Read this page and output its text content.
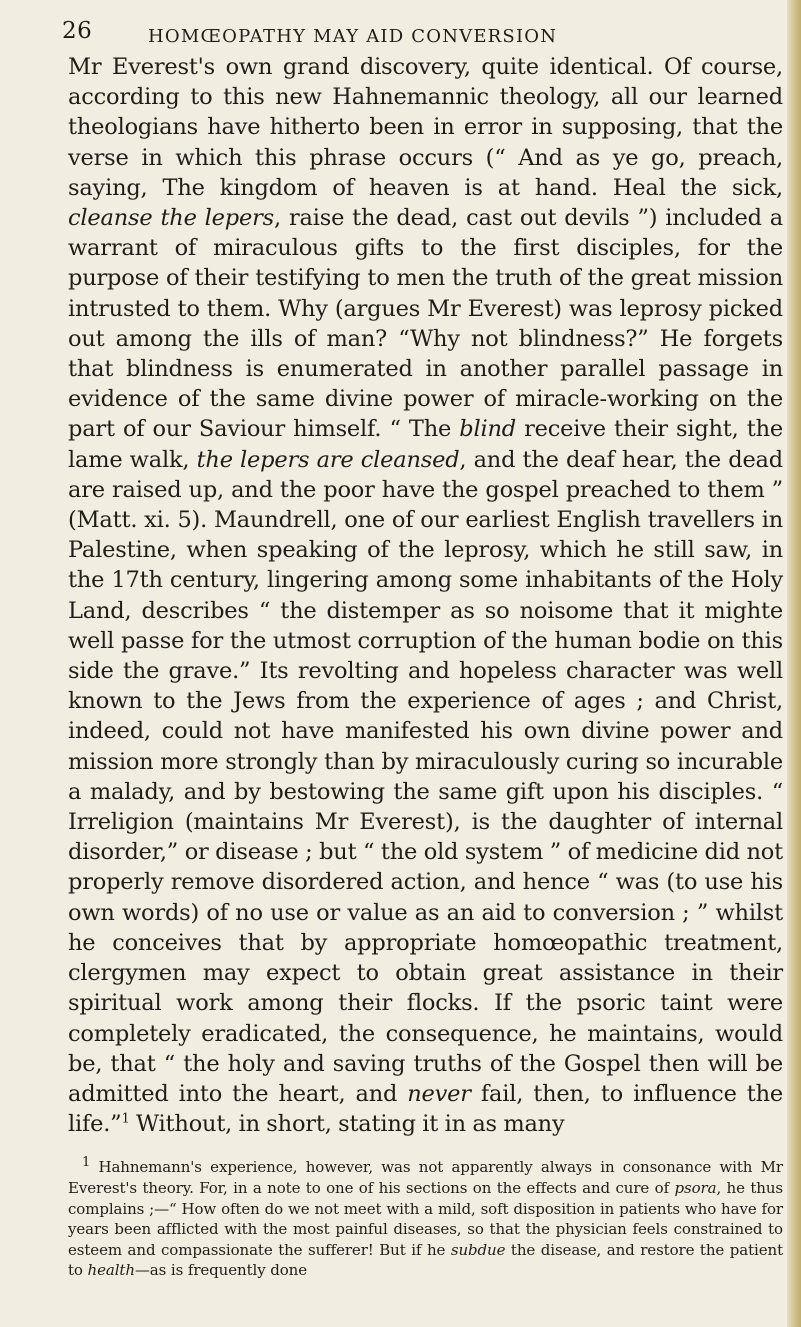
26	HOMŒOPATHY MAY AID CONVERSION

Mr Everest's own grand discovery, quite identical. Of course, according to this new Hahnemannic theology, all our learned theologians have hitherto been in error in supposing, that the verse in which this phrase occurs (“ And as ye go, preach, saying, The kingdom of heaven is at hand. Heal the sick, cleanse the lepers, raise the dead, cast out devils ”) included a warrant of miraculous gifts to the first disciples, for the purpose of their testifying to men the truth of the great mission intrusted to them. Why (argues Mr Everest) was leprosy picked out among the ills of man? “Why not blindness?” He forgets that blindness is enumerated in another parallel passage in evidence of the same divine power of miracle-working on the part of our Saviour himself. “ The blind receive their sight, the lame walk, the lepers are cleansed, and the deaf hear, the dead are raised up, and the poor have the gospel preached to them ” (Matt. xi. 5). Maundrell, one of our earliest English travellers in Palestine, when speaking of the leprosy, which he still saw, in the 17th century, lingering among some inhabitants of the Holy Land, describes “ the distemper as so noisome that it mighte well passe for the utmost corruption of the human bodie on this side the grave.” Its revolting and hopeless character was well known to the Jews from the experience of ages ; and Christ, indeed, could not have manifested his own divine power and mission more strongly than by miraculously curing so incurable a malady, and by bestowing the same gift upon his disciples. “ Irreligion (maintains Mr Everest), is the daughter of internal disorder,” or disease ; but “ the old system ” of medicine did not properly remove disordered action, and hence “ was (to use his own words) of no use or value as an aid to conversion ; ” whilst he conceives that by appropriate homœopathic treatment, clergymen may expect to obtain great assistance in their spiritual work among their flocks. If the psoric taint were completely eradicated, the consequence, he maintains, would be, that “ the holy and saving truths of the Gospel then will be admitted into the heart, and never fail, then, to influence the life.”$^1$ Without, in short, stating it in as many

$^1$ Hahnemann's experience, however, was not apparently always in consonance with Mr Everest's theory. For, in a note to one of his sections on the effects and cure of psora, he thus complains ;—“ How often do we not meet with a mild, soft disposition in patients who have for years been afflicted with the most painful diseases, so that the physician feels constrained to esteem and compassionate the sufferer! But if he subdue the disease, and restore the patient to health—as is frequently done
